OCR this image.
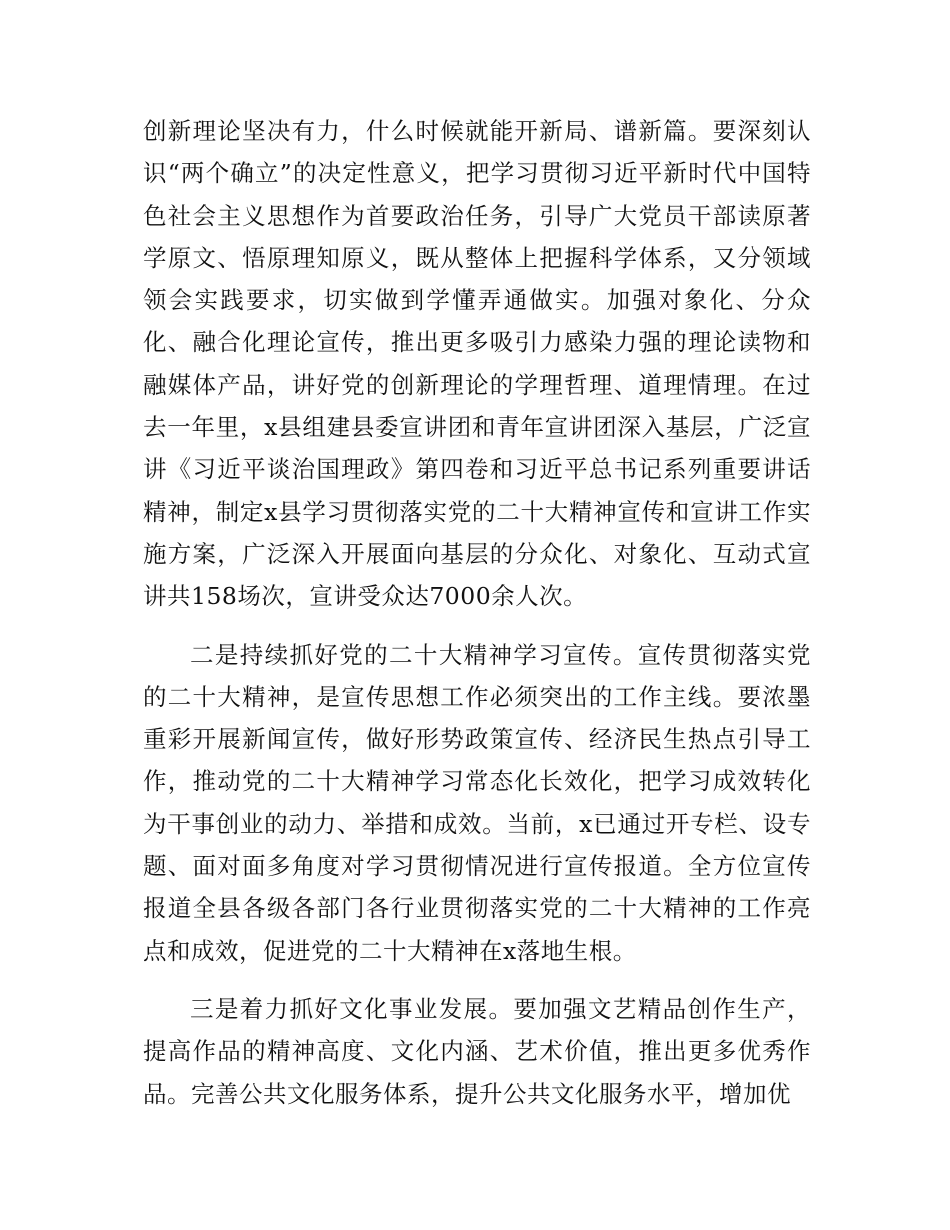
创新理论坚决有力，什么时候就能开新局、谱新篇。要深刻认识“两个确立”的决定性意义，把学习贯彻习近平新时代中国特色社会主义思想作为首要政治任务，引导广大党员干部读原著学原文、悟原理知原义，既从整体上把握科学体系，又分领域领会实践要求，切实做到学懂弄通做实。加强对象化、分众化、融合化理论宣传，推出更多吸引力感染力强的理论读物和融媒体产品，讲好党的创新理论的学理哲理、道理情理。在过去一年里，x县组建县委宣讲团和青年宣讲团深入基层，广泛宣讲《习近平谈治国理政》第四卷和习近平总书记系列重要讲话精神，制定x县学习贯彻落实党的二十大精神宣传和宣讲工作实施方案，广泛深入开展面向基层的分众化、对象化、互动式宣讲共158场次，宣讲受众达7000余人次。

二是持续抓好党的二十大精神学习宣传。宣传贯彻落实党的二十大精神，是宣传思想工作必须突出的工作主线。要浓墨重彩开展新闻宣传，做好形势政策宣传、经济民生热点引导工作，推动党的二十大精神学习常态化长效化，把学习成效转化为干事创业的动力、举措和成效。当前，x已通过开专栏、设专题、面对面多角度对学习贯彻情况进行宣传报道。全方位宣传报道全县各级各部门各行业贯彻落实党的二十大精神的工作亮点和成效，促进党的二十大精神在x落地生根。

三是着力抓好文化事业发展。要加强文艺精品创作生产，提高作品的精神高度、文化内涵、艺术价值，推出更多优秀作品。完善公共文化服务体系，提升公共文化服务水平，增加优
